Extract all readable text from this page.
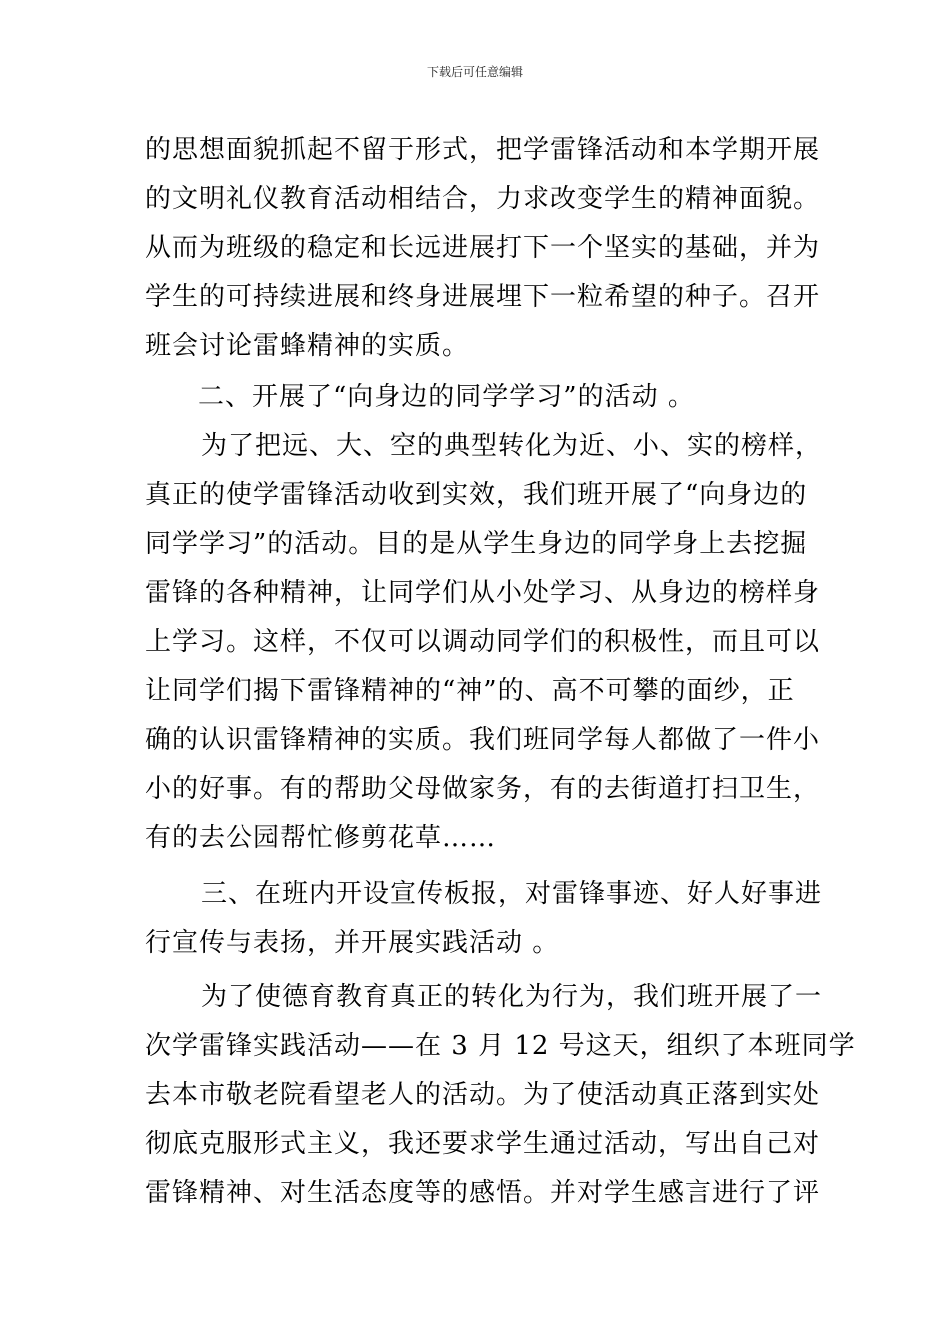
下载后可任意编辑
的思想面貌抓起不留于形式，把学雷锋活动和本学期开展
的文明礼仪教育活动相结合，力求改变学生的精神面貌。
从而为班级的稳定和长远进展打下一个坚实的基础，并为
学生的可持续进展和终身进展埋下一粒希望的种子。召开
班会讨论雷蜂精神的实质。
二、开展了“向身边的同学学习”的活动 。
为了把远、大、空的典型转化为近、小、实的榜样，
真正的使学雷锋活动收到实效，我们班开展了“向身边的
同学学习”的活动。目的是从学生身边的同学身上去挖掘
雷锋的各种精神，让同学们从小处学习、从身边的榜样身
上学习。这样，不仅可以调动同学们的积极性，而且可以
让同学们揭下雷锋精神的“神”的、高不可攀的面纱，正
确的认识雷锋精神的实质。我们班同学每人都做了一件小
小的好事。有的帮助父母做家务，有的去街道打扫卫生，
有的去公园帮忙修剪花草……
三、在班内开设宣传板报，对雷锋事迹、好人好事进
行宣传与表扬，并开展实践活动 。
为了使德育教育真正的转化为行为，我们班开展了一
次学雷锋实践活动——在 3 月 12 号这天，组织了本班同学
去本市敬老院看望老人的活动。为了使活动真正落到实处
彻底克服形式主义，我还要求学生通过活动，写出自己对
雷锋精神、对生活态度等的感悟。并对学生感言进行了评
